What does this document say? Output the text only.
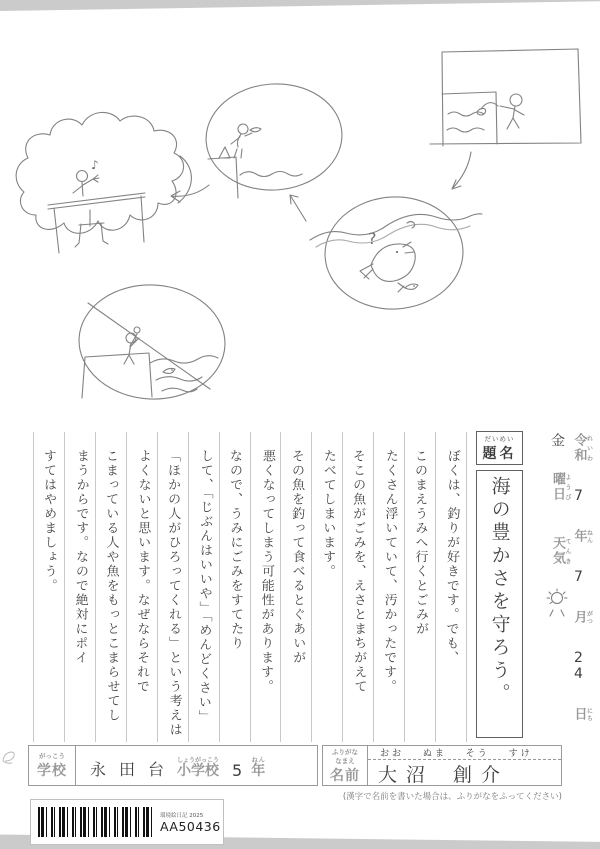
?
♪
ぼくは、釣りが好きです。でも、
このまえうみへ行くとごみが
たくさん浮いていて、汚かったです。
そこの魚がごみを、えさとまちがえて
たべてしまいます。
その魚を釣って食べるとぐあいが
悪くなってしまう可能性があります。
なので、うみにごみをすてたり
して、「じぶんはいいや」「めんどくさい」
「ほかの人がひろってくれる」という考えは
よくないと思います。なぜならそれで
こまっている人や魚をもっとこまらせてし
まうからです。なので絶対にポイ
すてはやめましょう。
だいめい
題名
海の豊かさを守ろう。
令和 れいわ 7 年 ねん 7 月 がつ 24 日 にち 金 曜日 ようび 天気 てんき
がっこう
学校 永田台 小学校しょうがっこう
5 年ねん
ふりがな
なまえ
名前
おお ぬま そう すけ
大沼 創介
(漢字で名前を書いた場合は、ふりがなをふってください)
環境絵日記 2025
AA50436
